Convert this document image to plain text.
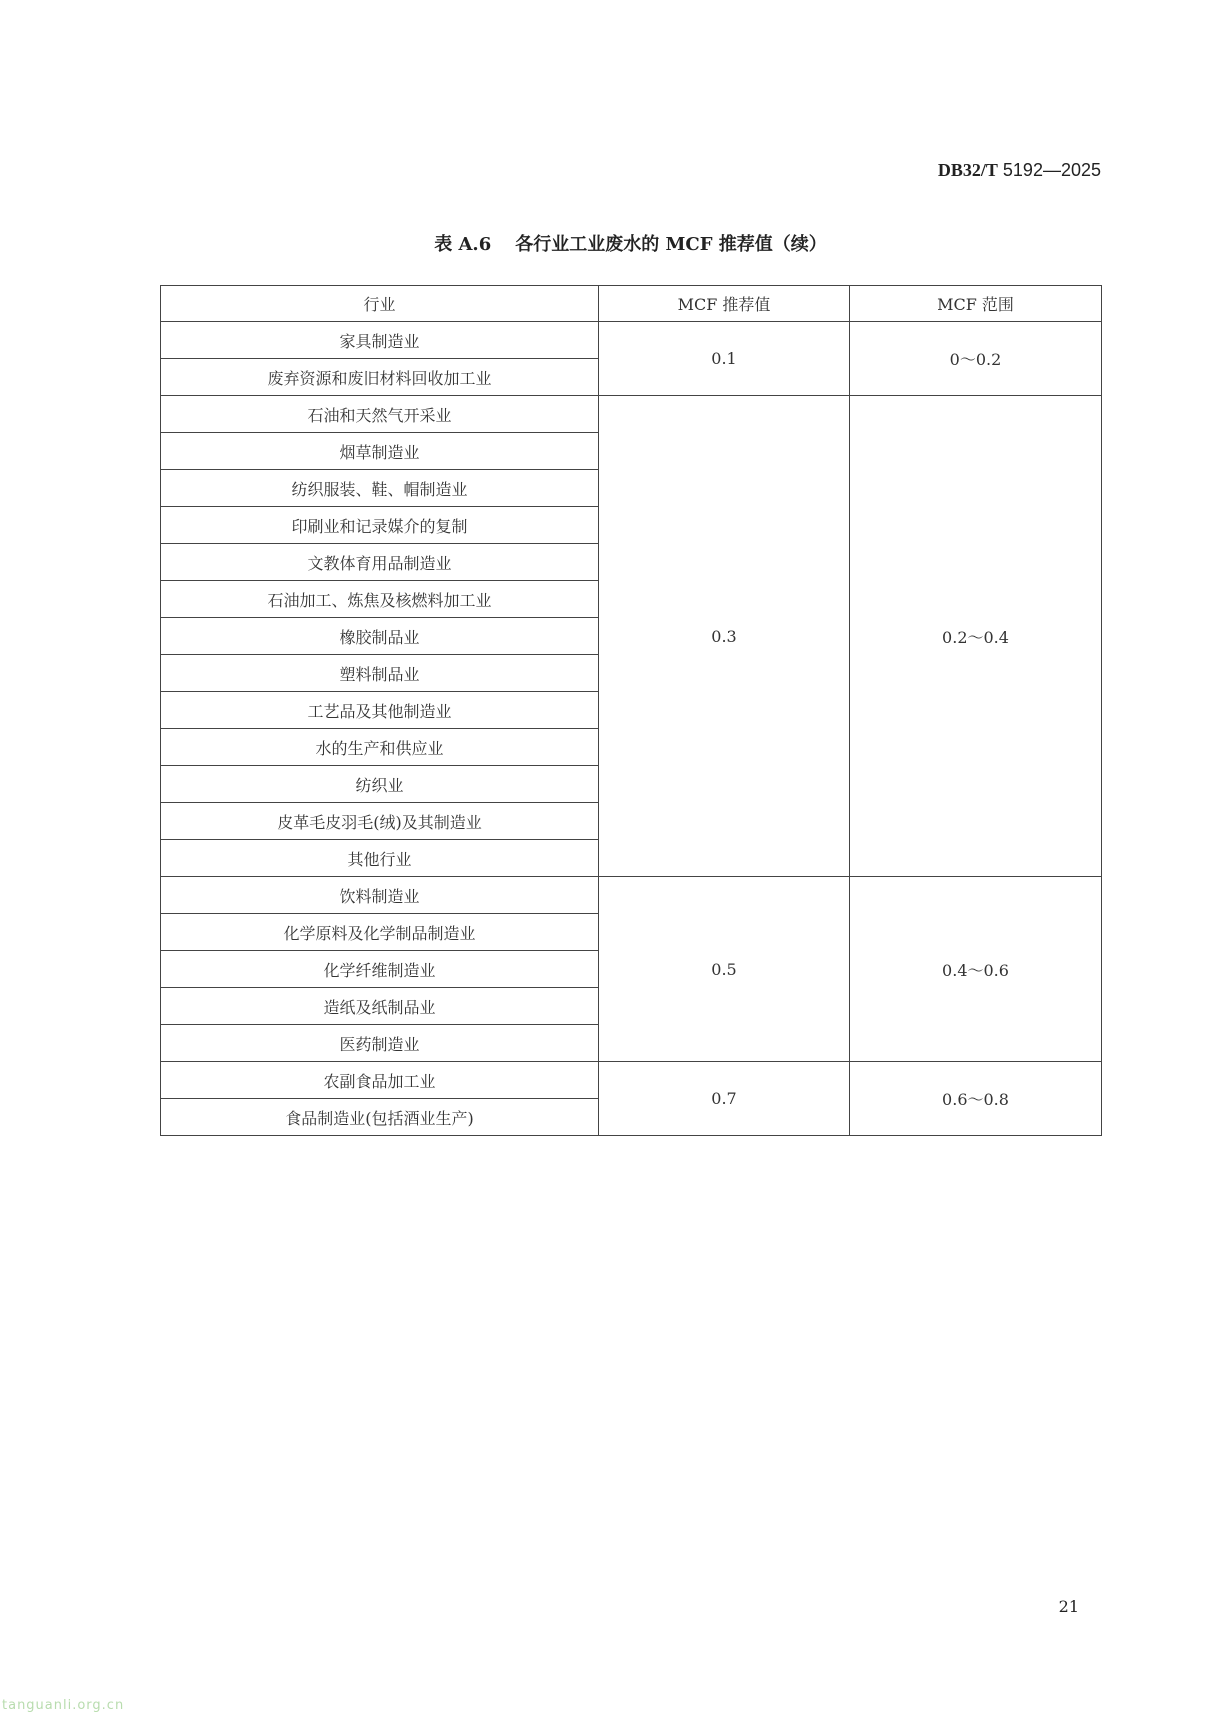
DB32/T 5192—2025
表 A.6 各行业工业废水的 MCF 推荐值（续）
行业	MCF 推荐值	MCF 范围
家具制造业	0.1	0～0.2
废弃资源和废旧材料回收加工业		
石油和天然气开采业	0.3	0.2～0.4
烟草制造业		
纺织服装、鞋、帽制造业		
印刷业和记录媒介的复制		
文教体育用品制造业		
石油加工、炼焦及核燃料加工业		
橡胶制品业		
塑料制品业		
工艺品及其他制造业		
水的生产和供应业		
纺织业		
皮革毛皮羽毛(绒)及其制造业		
其他行业		
饮料制造业	0.5	0.4～0.6
化学原料及化学制品制造业		
化学纤维制造业		
造纸及纸制品业		
医药制造业		
农副食品加工业	0.7	0.6～0.8
食品制造业(包括酒业生产)		
21
tanguanli.org.cn
